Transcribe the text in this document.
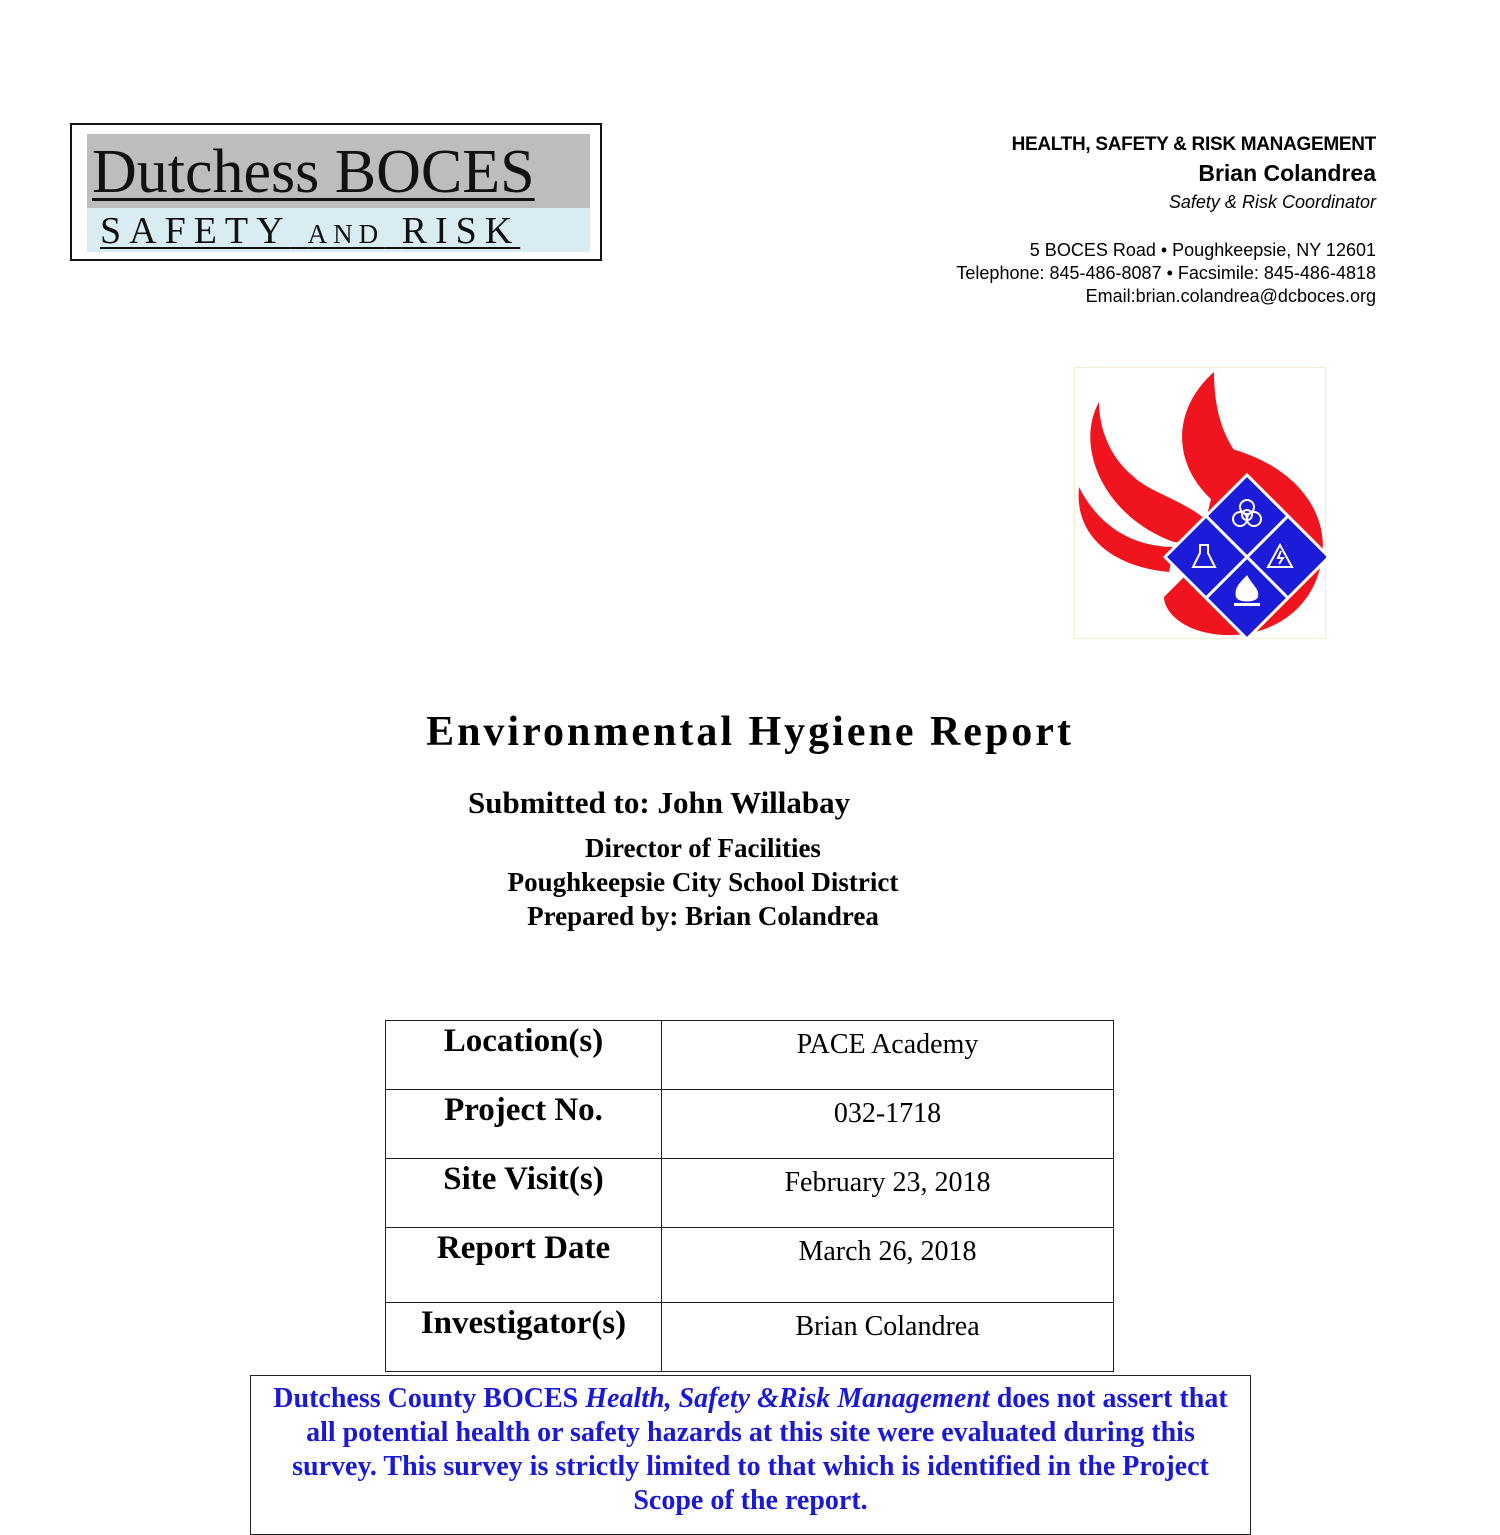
Dutchess BOCES
SAFETY AND RISK
HEALTH, SAFETY & RISK MANAGEMENT
Brian Colandrea
Safety & Risk Coordinator
5 BOCES Road • Poughkeepsie, NY 12601
Telephone: 845-486-8087 • Facsimile: 845-486-4818
Email:brian.colandrea@dcboces.org
Environmental Hygiene Report
Submitted to: John Willabay
Director of Facilities
Poughkeepsie City School District
Prepared by: Brian Colandrea
Location(s)	PACE Academy
Project No.	032-1718
Site Visit(s)	February 23, 2018
Report Date	March 26, 2018
Investigator(s)	Brian Colandrea
Dutchess County BOCES Health, Safety &Risk Management does not assert that all potential health or safety hazards at this site were evaluated during this survey. This survey is strictly limited to that which is identified in the Project Scope of the report.
